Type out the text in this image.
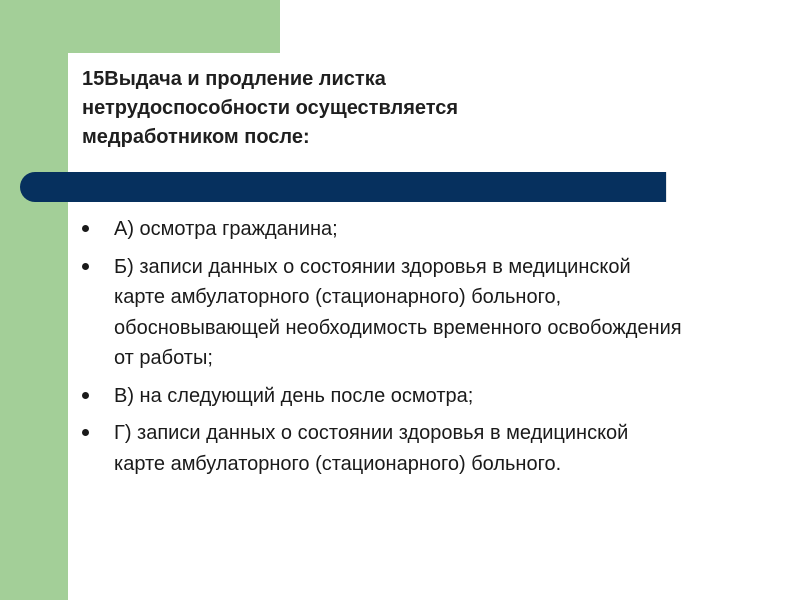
15Выдача и продление листка
нетрудоспособности осуществляется
медработником после:
А) осмотра гражданина;
Б) записи данных о состоянии здоровья в медицинской карте амбулаторного (стационарного) больного, обосновывающей необходимость временного освобождения от работы;
В) на следующий день после осмотра;
Г) записи данных о состоянии здоровья в медицинской карте амбулаторного (стационарного) больного.
